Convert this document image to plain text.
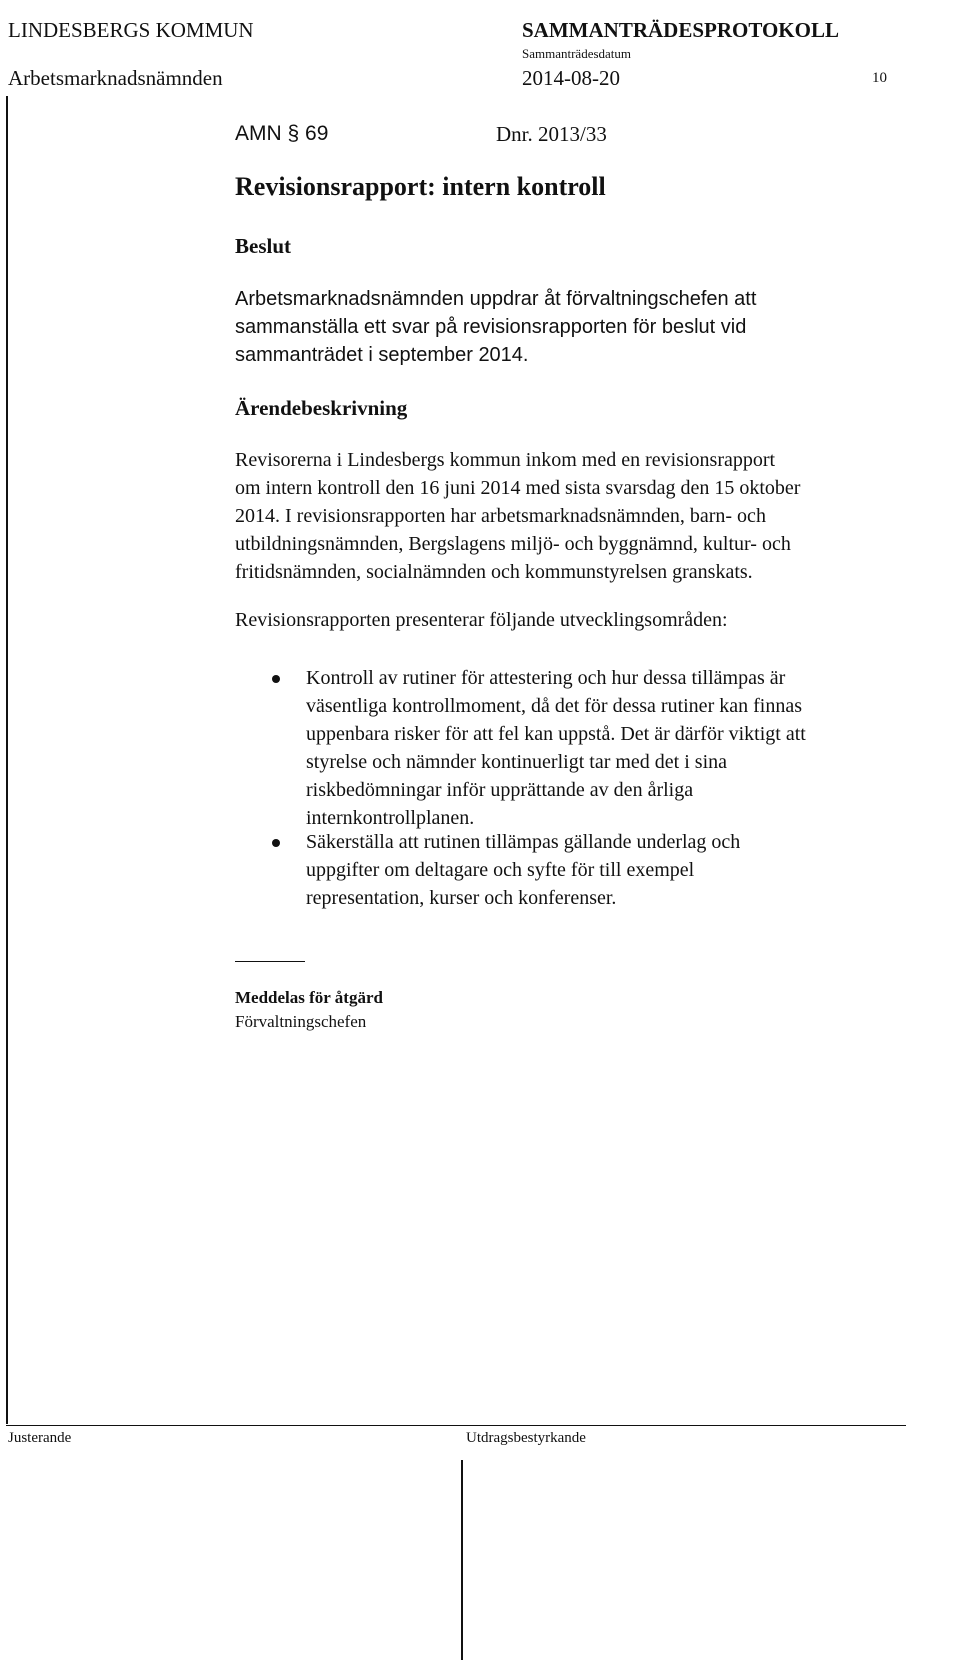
LINDESBERGS KOMMUN	SAMMANTRÄDESPROTOKOLL
Sammanträdesdatum
Arbetsmarknadsnämnden	2014-08-20	10
AMN § 69	Dnr. 2013/33
Revisionsrapport: intern kontroll
Beslut
Arbetsmarknadsnämnden uppdrar åt förvaltningschefen att
sammanställa ett svar på revisionsrapporten för beslut vid
sammanträdet i september 2014.
Ärendebeskrivning
Revisorerna i Lindesbergs kommun inkom med en revisionsrapport
om intern kontroll den 16 juni 2014 med sista svarsdag den 15 oktober
2014. I revisionsrapporten har arbetsmarknadsnämnden, barn- och
utbildningsnämnden, Bergslagens miljö- och byggnämnd, kultur- och
fritidsnämnden, socialnämnden och kommunstyrelsen granskats.
Revisionsrapporten presenterar följande utvecklingsområden:
Kontroll av rutiner för attestering och hur dessa tillämpas är
väsentliga kontrollmoment, då det för dessa rutiner kan finnas
uppenbara risker för att fel kan uppstå. Det är därför viktigt att
styrelse och nämnder kontinuerligt tar med det i sina
riskbedömningar inför upprättande av den årliga
internkontrollplanen.
Säkerställa att rutinen tillämpas gällande underlag och
uppgifter om deltagare och syfte för till exempel
representation, kurser och konferenser.
Meddelas för åtgärd
Förvaltningschefen
Justerande	Utdragsbestyrkande
